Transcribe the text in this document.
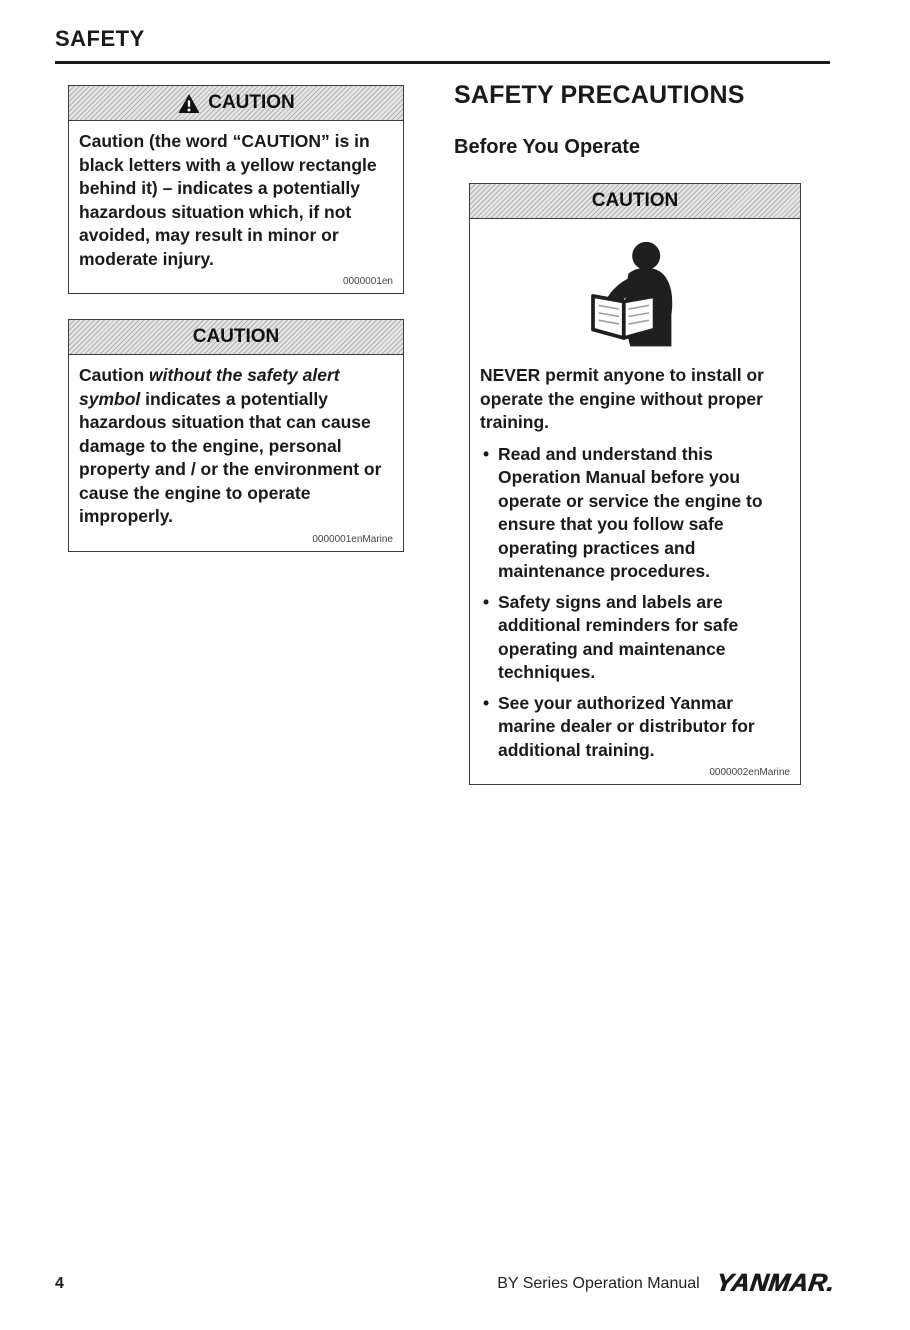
SAFETY
CAUTION

Caution (the word “CAUTION” is in black letters with a yellow rectangle behind it) – indicates a potentially hazardous situation which, if not avoided, may result in minor or moderate injury.

0000001en
CAUTION

Caution without the safety alert symbol indicates a potentially hazardous situation that can cause damage to the engine, personal property and / or the environment or cause the engine to operate improperly.

0000001enMarine
SAFETY PRECAUTIONS
Before You Operate
CAUTION

NEVER permit anyone to install or operate the engine without proper training.

• Read and understand this Operation Manual before you operate or service the engine to ensure that you follow safe operating practices and maintenance procedures.
• Safety signs and labels are additional reminders for safe operating and maintenance techniques.
• See your authorized Yanmar marine dealer or distributor for additional training.
0000002enMarine
4	BY Series Operation Manual YANMAR.
